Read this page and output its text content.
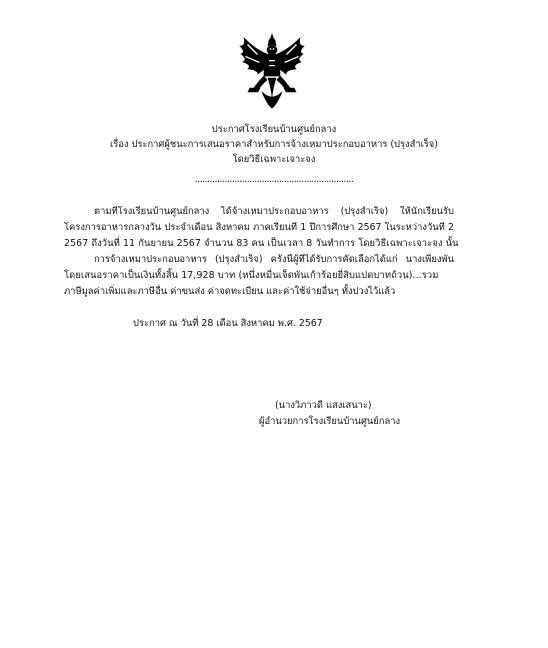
ประกาศโรงเรียนบ้านศูนย์กลาง
เรื่อง ประกาศผู้ชนะการเสนอราคาสำหรับการจ้างเหมาประกอบอาหาร (ปรุงสำเร็จ)
โดยวิธีเฉพาะเจาะจง
................................................................
ตามที่โรงเรียนบ้านศูนย์กลาง ได้จ้างเหมาประกอบอาหาร (ปรุงสำเร็จ) ให้นักเรียนรับ
โครงการอาหารกลางวัน ประจำเดือน สิงหาคม ภาคเรียนที่ 1 ปีการศึกษา 2567 ในระหว่างวันที่ 2
2567 ถึงวันที่ 11 กันยายน 2567 จำนวน 83 คน เป็นเวลา 8 วันทำการ โดยวิธีเฉพาะเจาะจง นั้น
การจ้างเหมาประกอบอาหาร (ปรุงสำเร็จ) ครั้งนี้ผู้ที่ได้รับการคัดเลือกได้แก่ นางเพียงพัน
โดยเสนอราคาเป็นเงินทั้งสิ้น 17,928 บาท (หนึ่งหมื่นเจ็ดพันเก้าร้อยยี่สิบแปดบาทถ้วน)...รวม
ภาษีมูลค่าเพิ่มและภาษีอื่น ค่าขนส่ง ค่าจดทะเบียน และค่าใช้จ่ายอื่นๆ ทั้งปวงไว้แล้ว
ประกาศ ณ วันที่ 28 เดือน สิงหาคม พ.ศ. 2567
(นางวิภาวดี แสงเสนาะ)
ผู้อำนวยการโรงเรียนบ้านศูนย์กลาง
